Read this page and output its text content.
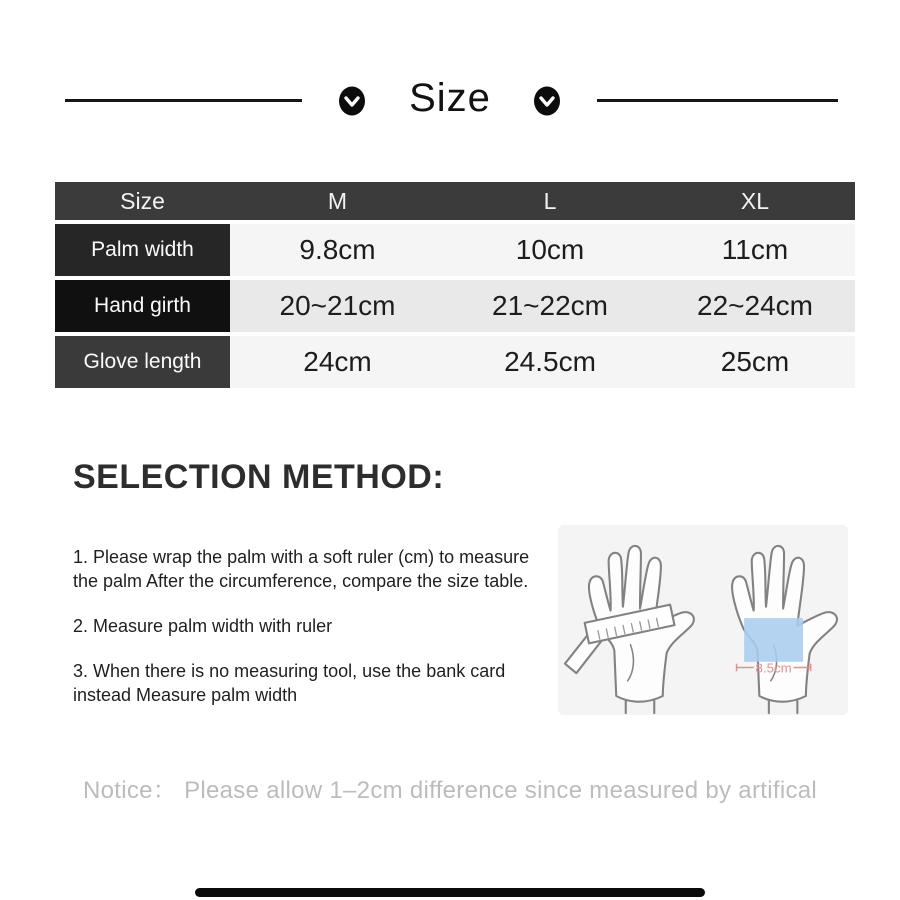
Size
Size	M	L	XL
Palm width	9.8cm	10cm	11cm
Hand girth	20~21cm	21~22cm	22~24cm
Glove length	24cm	24.5cm	25cm
SELECTION METHOD:

1. Please wrap the palm with a soft ruler (cm) to measure the palm After the circumference, compare the size table.

2. Measure palm width with ruler

3. When there is no measuring tool, use the bank card instead Measure palm width

8.5cm
Notice： Please allow 1–2cm difference since measured by artifical
